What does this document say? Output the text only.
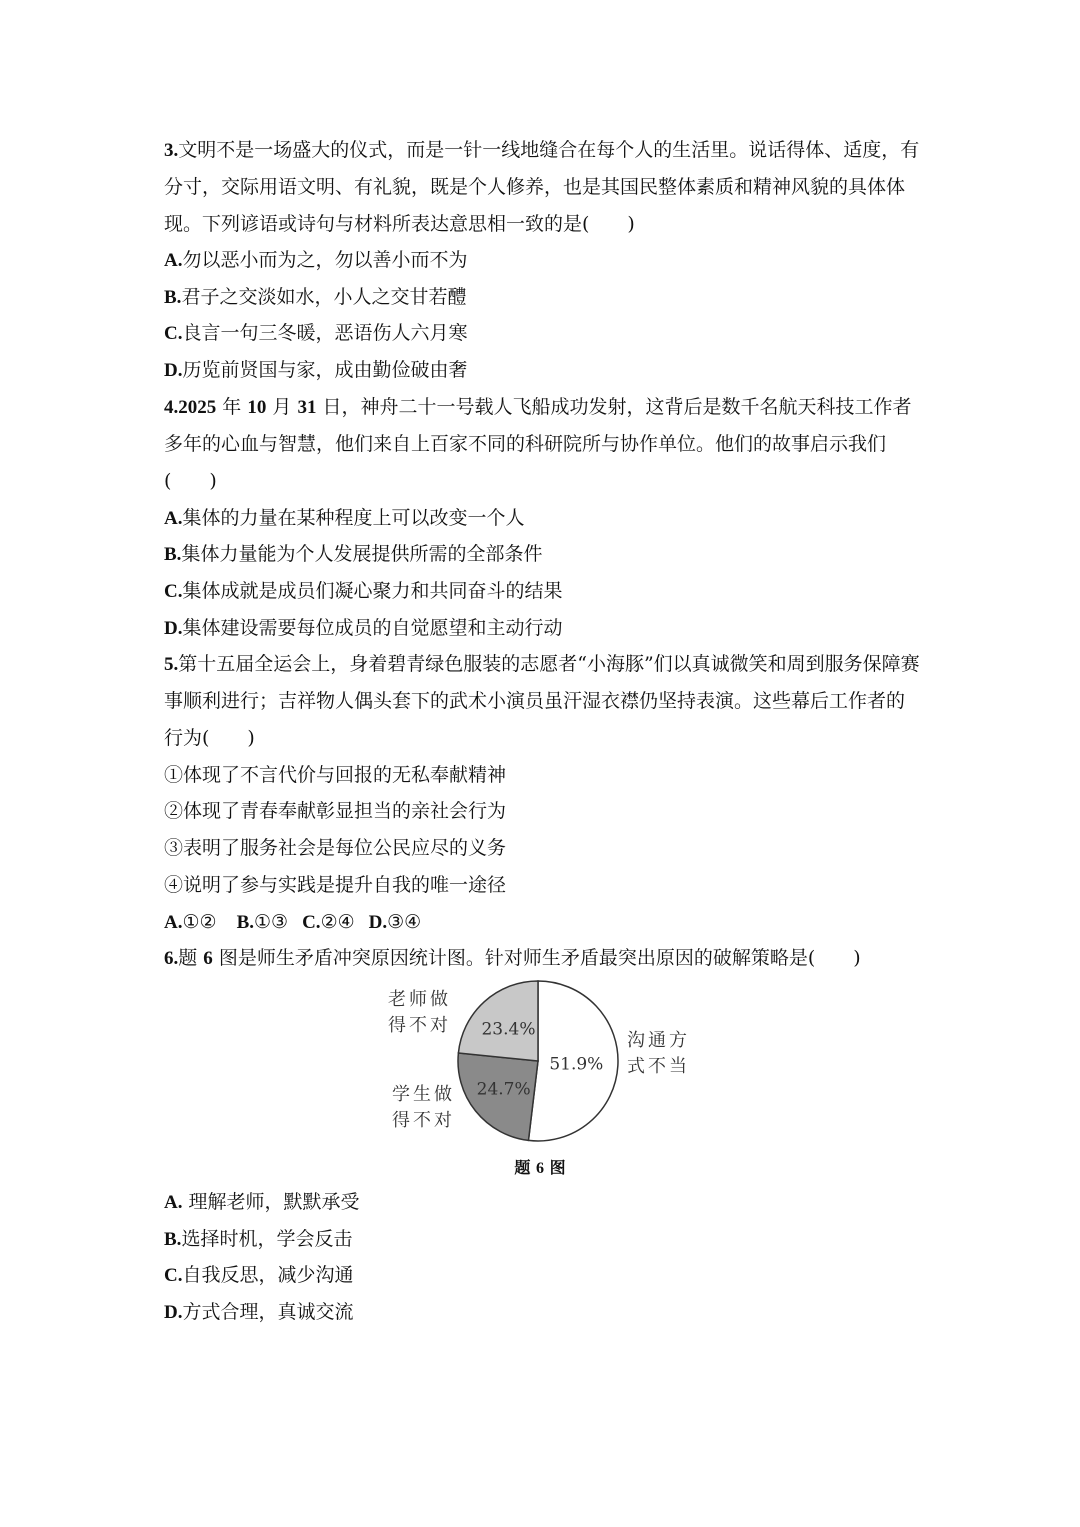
3.文明不是一场盛大的仪式，而是一针一线地缝合在每个人的生活里。说话得体、适度，有
分寸，交际用语文明、有礼貌，既是个人修养，也是其国民整体素质和精神风貌的具体体
现。下列谚语或诗句与材料所表达意思相一致的是(　　)
A.勿以恶小而为之，勿以善小而不为
B.君子之交淡如水，小人之交甘若醴
C.良言一句三冬暖，恶语伤人六月寒
D.历览前贤国与家，成由勤俭破由奢
4.2025 年 10 月 31 日，神舟二十一号载人飞船成功发射，这背后是数千名航天科技工作者
多年的心血与智慧，他们来自上百家不同的科研院所与协作单位。他们的故事启示我们
(　　)
A.集体的力量在某种程度上可以改变一个人
B.集体力量能为个人发展提供所需的全部条件
C.集体成就是成员们凝心聚力和共同奋斗的结果
D.集体建设需要每位成员的自觉愿望和主动行动
5.第十五届全运会上，身着碧青绿色服装的志愿者“小海豚”们以真诚微笑和周到服务保障赛
事顺利进行；吉祥物人偶头套下的武术小演员虽汗湿衣襟仍坚持表演。这些幕后工作者的
行为(　　)
①体现了不言代价与回报的无私奉献精神
②体现了青春奉献彰显担当的亲社会行为
③表明了服务社会是每位公民应尽的义务
④说明了参与实践是提升自我的唯一途径
A.①② B.①③ C.②④ D.③④
6.题 6 图是师生矛盾冲突原因统计图。针对师生矛盾最突出原因的破解策略是(　　)
51.9%
24.7%
23.4%
老师做
得不对
沟通方
式不当
学生做
得不对
题 6 图
A. 理解老师，默默承受
B.选择时机，学会反击
C.自我反思，减少沟通
D.方式合理，真诚交流
